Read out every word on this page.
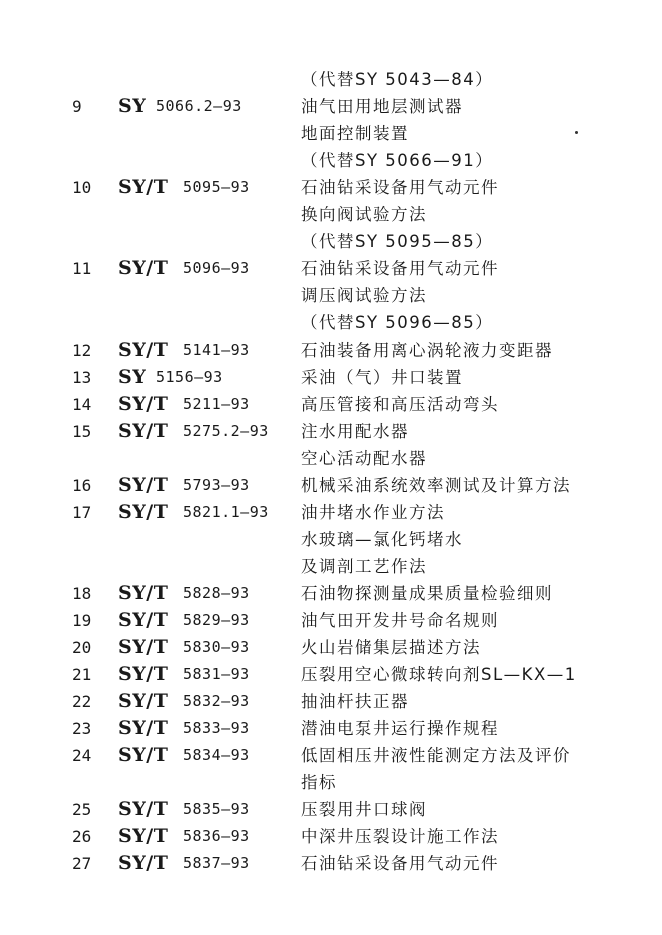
（代替SY 5043—84）
9	SY 5066.2—93	油气田用地层测试器
地面控制装置
（代替SY 5066—91）
10	SY/T 5095—93	石油钻采设备用气动元件
换向阀试验方法
（代替SY 5095—85）
11	SY/T 5096—93	石油钻采设备用气动元件
调压阀试验方法
（代替SY 5096—85）
12	SY/T 5141—93	石油装备用离心涡轮液力变距器
13	SY 5156—93	采油（气）井口装置
14	SY/T 5211—93	高压管接和高压活动弯头
15	SY/T 5275.2—93 注水用配水器
空心活动配水器
16	SY/T 5793—93	机械采油系统效率测试及计算方法
17	SY/T 5821.1—93 油井堵水作业方法
水玻璃—氯化钙堵水
及调剖工艺作法
18	SY/T 5828—93	石油物探测量成果质量检验细则
19	SY/T 5829—93	油气田开发井号命名规则
20	SY/T 5830—93	火山岩储集层描述方法
21	SY/T 5831—93	压裂用空心微球转向剂SL—KX—1
22	SY/T 5832—93	抽油杆扶正器
23	SY/T 5833—93	潜油电泵井运行操作规程
24	SY/T 5834—93	低固相压井液性能测定方法及评价
指标
25	SY/T 5835—93	压裂用井口球阀
26	SY/T 5836—93	中深井压裂设计施工作法
27	SY/T 5837—93	石油钻采设备用气动元件
